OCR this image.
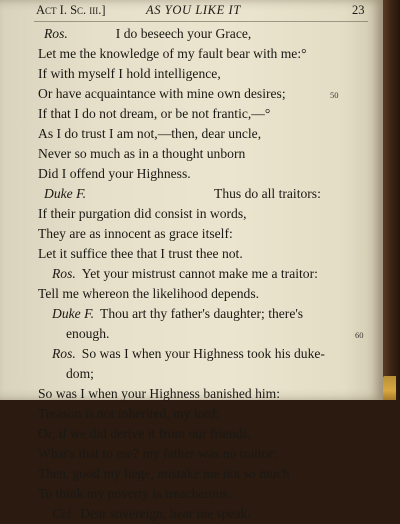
Act I. Sc. iii.]	AS YOU LIKE IT	23
Ros.	I do beseech your Grace,
Let me the knowledge of my fault bear with me:°
If with myself I hold intelligence,
Or have acquaintance with mine own desires;	50
If that I do not dream, or be not frantic,—°
As I do trust I am not,—then, dear uncle,
Never so much as in a thought unborn
Did I offend your Highness.
Duke F.	Thus do all traitors:
If their purgation did consist in words,
They are as innocent as grace itself:
Let it suffice thee that I trust thee not.
Ros. Yet your mistrust cannot make me a traitor:
Tell me whereon the likelihood depends.
Duke F. Thou art thy father's daughter; there's
enough.	60
Ros. So was I when your Highness took his duke-
dom;
So was I when your Highness banished him:
Treason is not inherited, my lord;
Or, if we did derive it from our friends,
What's that to me? my father was no traitor:
Then, good my liege, mistake me not so much
To think my poverty is treacherous.
Cel. Dear sovereign, hear me speak.
